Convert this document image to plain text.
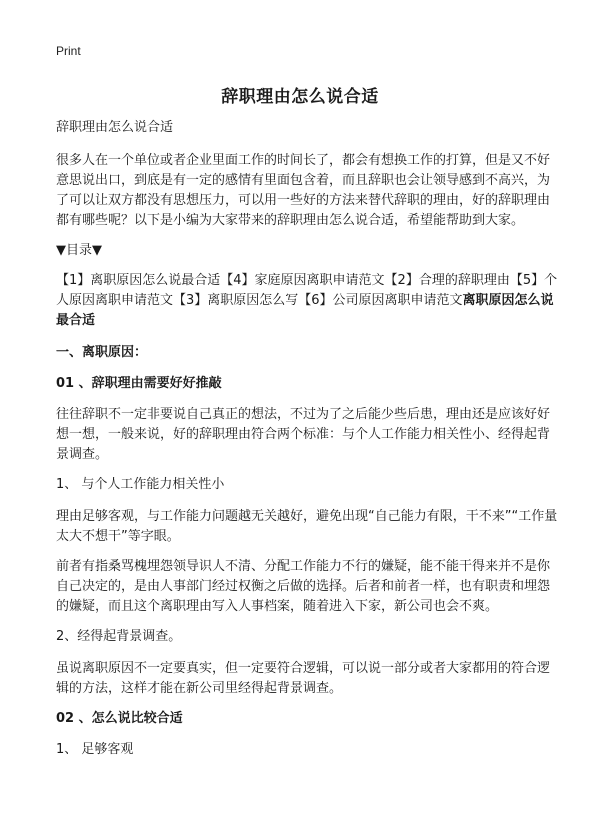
Print
辞职理由怎么说合适

辞职理由怎么说合适

很多人在一个单位或者企业里面工作的时间长了，都会有想换工作的打算，但是又不好意思说出口，到底是有一定的感情有里面包含着，而且辞职也会让领导感到不高兴，为了可以让双方都没有思想压力，可以用一些好的方法来替代辞职的理由，好的辞职理由都有哪些呢？以下是小编为大家带来的辞职理由怎么说合适，希望能帮助到大家。

▼目录▼

【1】离职原因怎么说最合适【4】家庭原因离职申请范文【2】合理的辞职理由【5】个人原因离职申请范文【3】离职原因怎么写【6】公司原因离职申请范文离职原因怎么说最合适

一、离职原因：

01 、辞职理由需要好好推敲

往往辞职不一定非要说自己真正的想法，不过为了之后能少些后患，理由还是应该好好想一想，一般来说，好的辞职理由符合两个标准：与个人工作能力相关性小、经得起背景调查。

1、 与个人工作能力相关性小

理由足够客观，与工作能力问题越无关越好，避免出现“自己能力有限，干不来”“工作量太大不想干”等字眼。

前者有指桑骂槐埋怨领导识人不清、分配工作能力不行的嫌疑，能不能干得来并不是你自己决定的，是由人事部门经过权衡之后做的选择。后者和前者一样，也有职责和埋怨的嫌疑，而且这个离职理由写入人事档案，随着进入下家，新公司也会不爽。

2、经得起背景调查。

虽说离职原因不一定要真实，但一定要符合逻辑，可以说一部分或者大家都用的符合逻辑的方法，这样才能在新公司里经得起背景调查。

02 、怎么说比较合适

1、 足够客观
